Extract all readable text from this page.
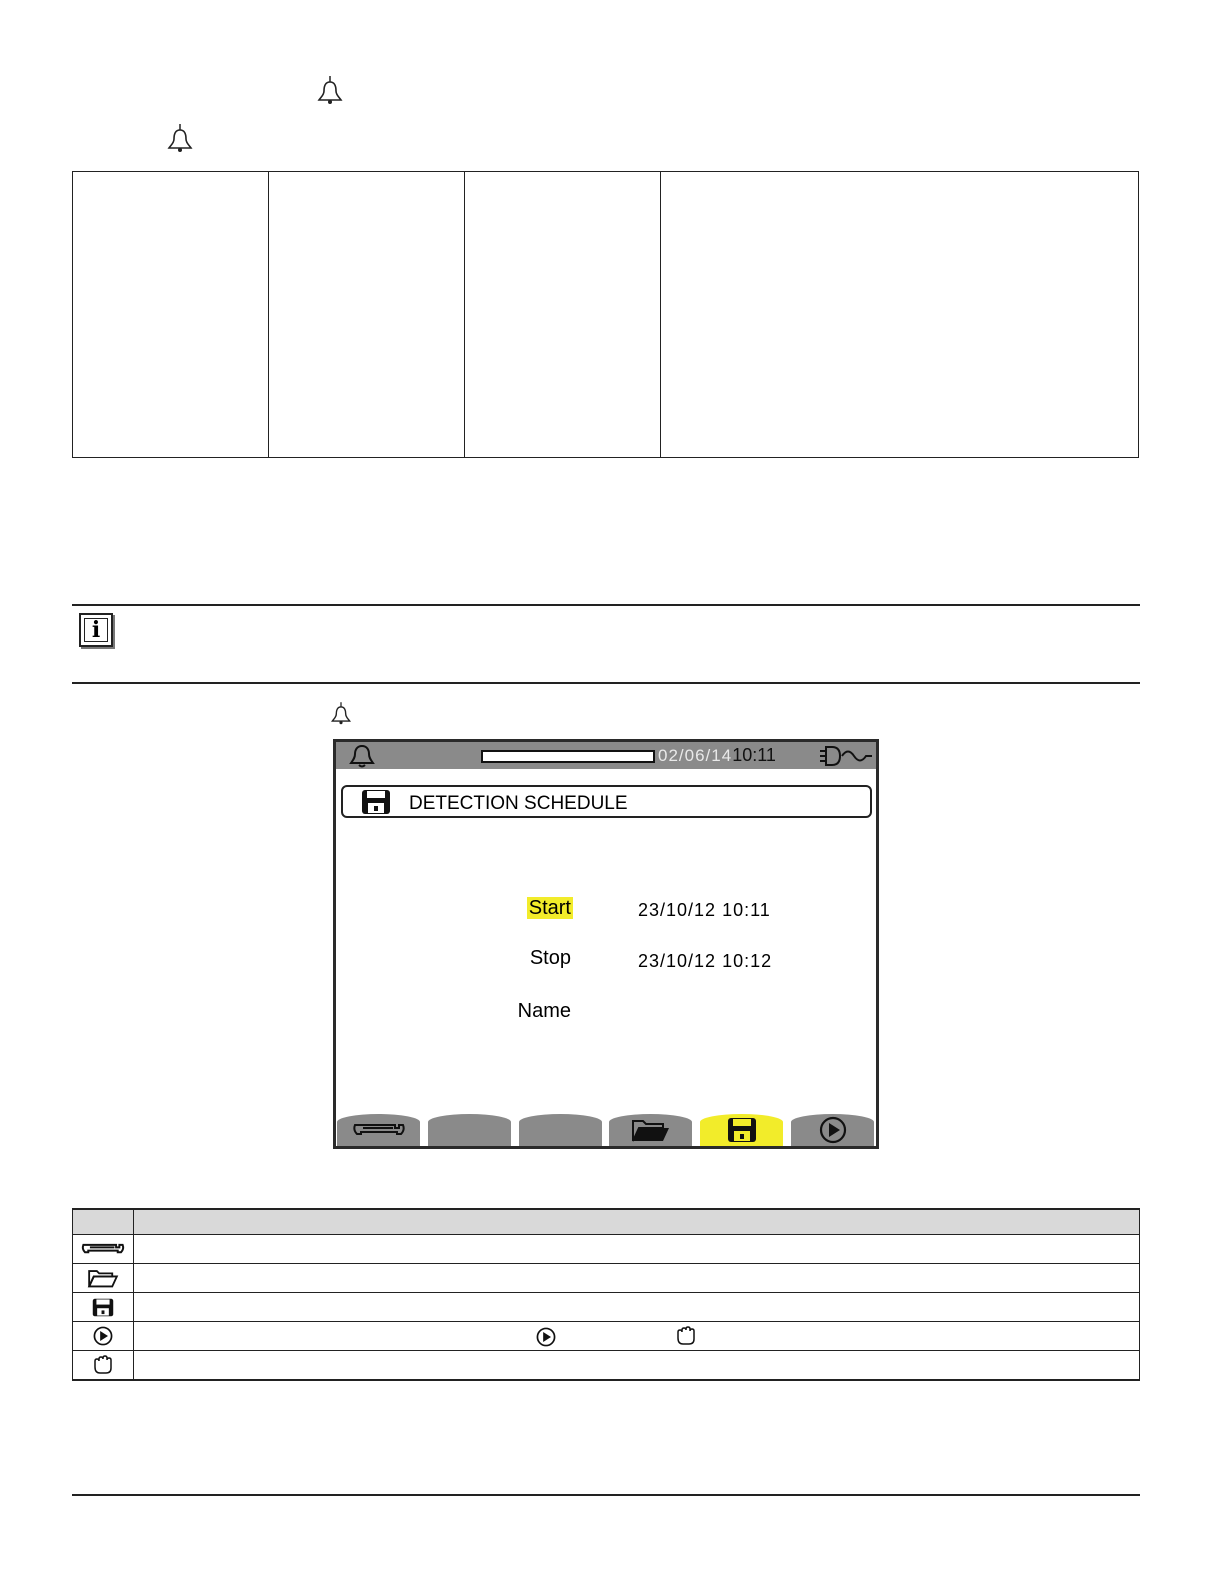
i
02/06/1410:11
DETECTION SCHEDULE
Start	23/10/12 10:11
Stop	23/10/12 10:12
Name
